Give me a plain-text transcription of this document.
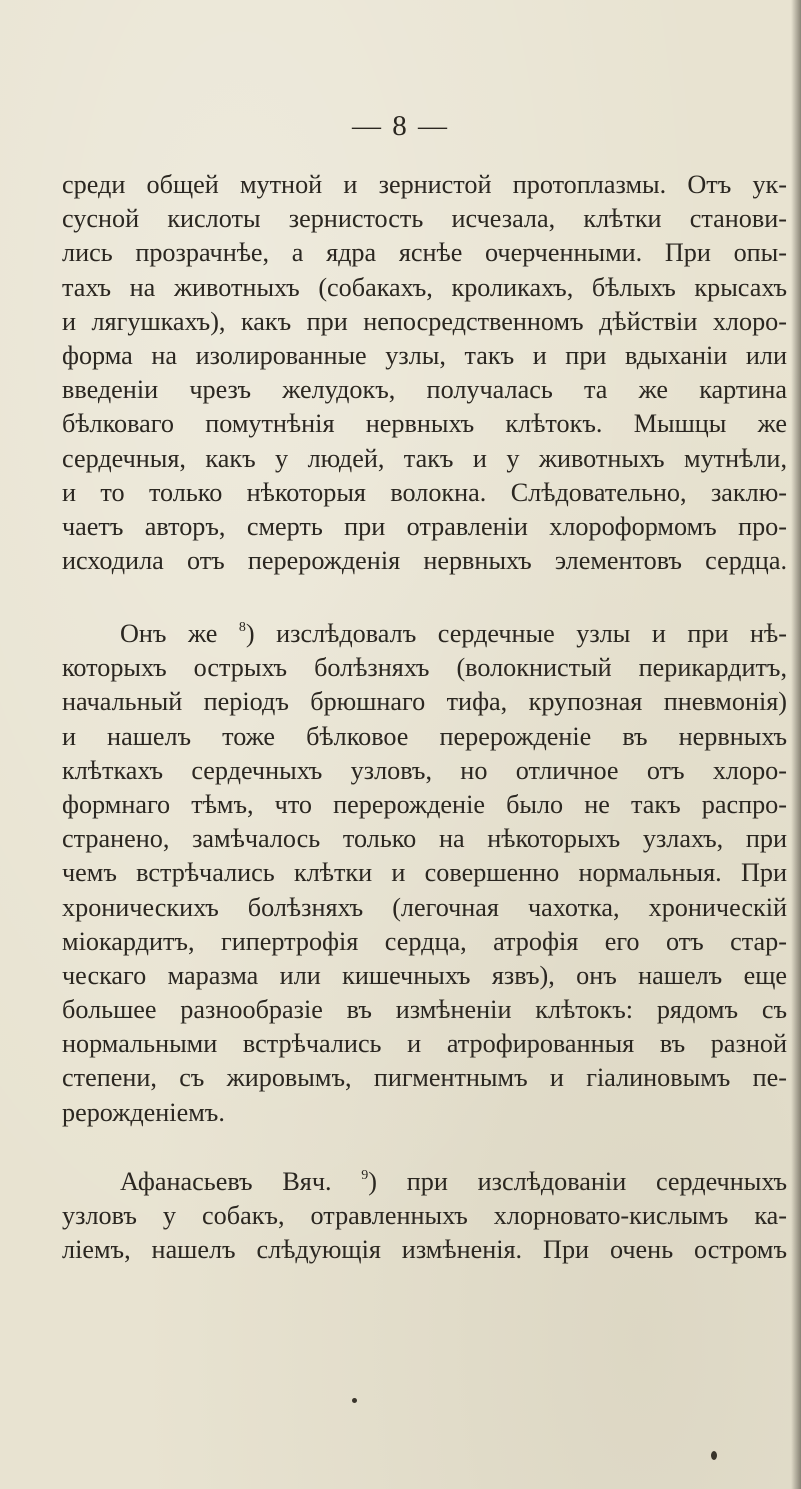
— 8 —
среди общей мутной и зернистой протоплазмы. Отъ ук-
сусной кислоты зернистость исчезала, клѣтки станови-
лись прозрачнѣе, а ядра яснѣе очерченными. При опы-
тахъ на животныхъ (собакахъ, кроликахъ, бѣлыхъ крысахъ
и лягушкахъ), какъ при непосредственномъ дѣйствіи хлоро-
форма на изолированные узлы, такъ и при вдыханіи или
введеніи чрезъ желудокъ, получалась та же картина
бѣлковаго помутнѣнія нервныхъ клѣтокъ. Мышцы же
сердечныя, какъ у людей, такъ и у животныхъ мутнѣли,
и то только нѣкоторыя волокна. Слѣдовательно, заклю-
чаетъ авторъ, смерть при отравленіи хлороформомъ про-
исходила отъ перерожденія нервныхъ элементовъ сердца.
Онъ же $^8$) изслѣдовалъ сердечные узлы и при нѣ-
которыхъ острыхъ болѣзняхъ (волокнистый перикардитъ,
начальный періодъ брюшнаго тифа, крупозная пневмонія)
и нашелъ тоже бѣлковое перерожденіе въ нервныхъ
клѣткахъ сердечныхъ узловъ, но отличное отъ хлоро-
формнаго тѣмъ, что перерожденіе было не такъ распро-
странено, замѣчалось только на нѣкоторыхъ узлахъ, при
чемъ встрѣчались клѣтки и совершенно нормальныя. При
хроническихъ болѣзняхъ (легочная чахотка, хроническій
міокардитъ, гипертрофія сердца, атрофія его отъ стар-
ческаго маразма или кишечныхъ язвъ), онъ нашелъ еще
большее разнообразіе въ измѣненіи клѣтокъ: рядомъ съ
нормальными встрѣчались и атрофированныя въ разной
степени, съ жировымъ, пигментнымъ и гіалиновымъ пе-
рерожденіемъ.
Афанасьевъ Вяч. $^9$) при изслѣдованіи сердечныхъ
узловъ у собакъ, отравленныхъ хлорновато-кислымъ ка-
ліемъ, нашелъ слѣдующія измѣненія. При очень остромъ
